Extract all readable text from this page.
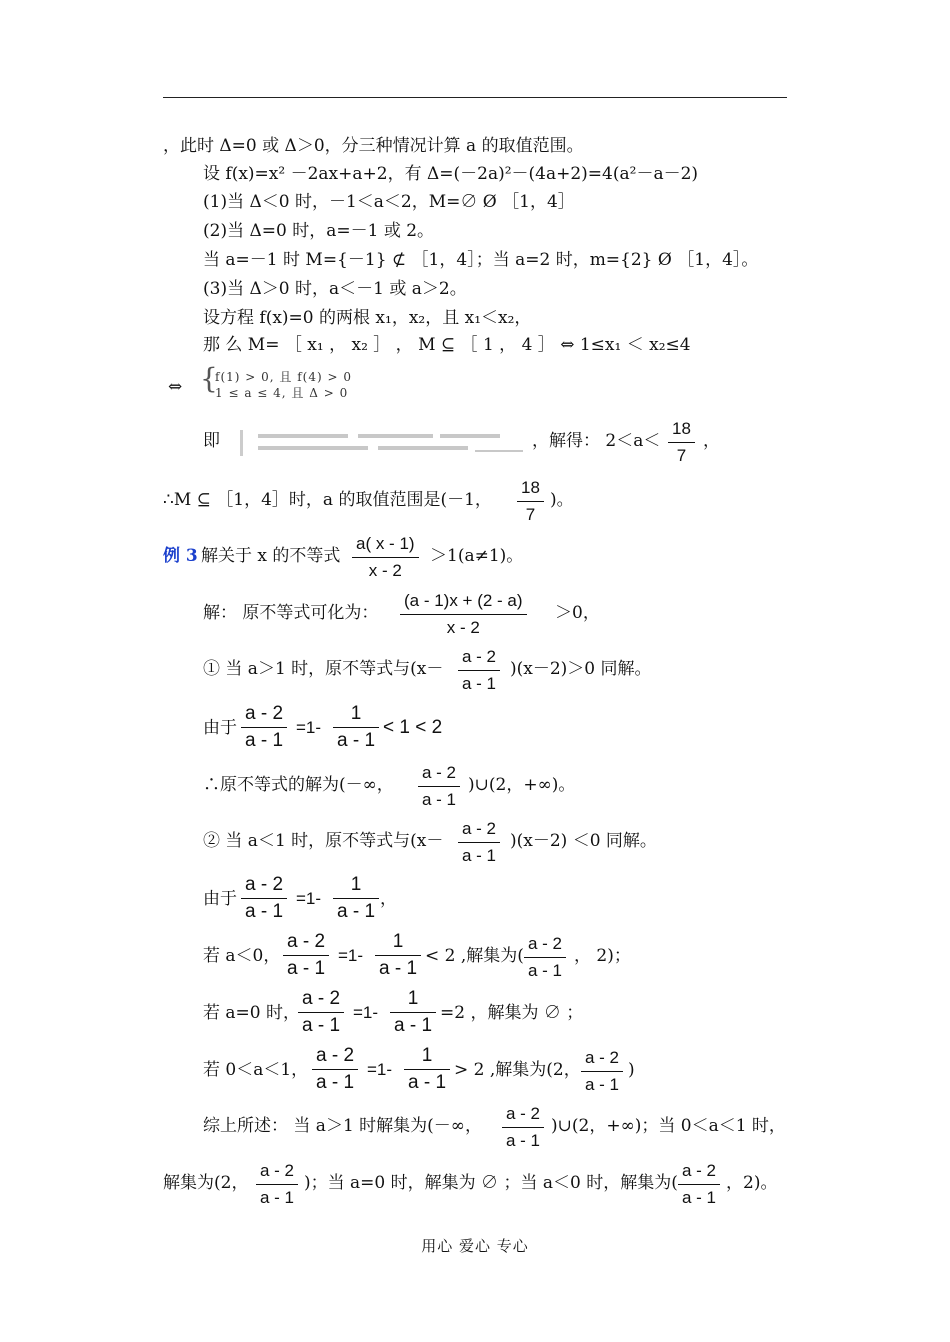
，此时 Δ=0 或 Δ＞0，分三种情况计算 a 的取值范围。
设 f(x)=x² －2ax+a+2，有 Δ=(－2a)²－(4a+2)=4(a²－a－2)
(1)当 Δ＜0 时，－1＜a＜2，M=∅ Ø ［1，4］
(2)当 Δ=0 时，a=－1 或 2。
当 a=－1 时 M={－1} ⊄ ［1，4］；当 a=2 时，m={2} Ø ［1，4］。
(3)当 Δ＞0 时，a＜－1 或 a＞2。
设方程 f(x)=0 的两根 x₁，x₂，且 x₁＜x₂，
那 么 M= ［ x₁ ， x₂ ］ ， M ⊆ ［ 1 ， 4 ］ ⇔ 1≤x₁ ＜ x₂≤4
⇔ {
f(1) > 0, 且 f(4) > 0
1 ≤ a ≤ 4, 且 Δ > 0
即	，解得： 2＜a＜
18
7
，
∴M ⊆ ［1，4］时，a 的取值范围是(－1，
18
7
)。
例 3 解关于 x 的不等式
a( x - 1)
x - 2
＞1(a≠1)。
解： 原不等式可化为：
(a - 1)x + (2 - a)
x - 2
＞0，
① 当 a＞1 时，原不等式与(x－
a - 2
a - 1
)(x－2)＞0 同解。
由于
a - 2
a - 1
=1-
1
a - 1
< 1 < 2
∴原不等式的解为(－∞，
a - 2
a - 1
)∪(2，+∞)。
② 当 a＜1 时，原不等式与(x－
a - 2
a - 1
)(x－2) ＜0 同解。
由于
a - 2
a - 1
=1-
1
a - 1
，
若 a＜0，
a - 2
a - 1
=1-
1
a - 1
< 2 ,解集为(
a - 2
a - 1
， 2)；
若 a=0 时，
a - 2
a - 1
=1-
1
a - 1
=2 ，解集为 ∅ ；
若 0＜a＜1，
a - 2
a - 1
=1-
1
a - 1
> 2 ,解集为(2，
a - 2
a - 1
)
综上所述： 当 a＞1 时解集为(－∞，
a - 2
a - 1
)∪(2，+∞)；当 0＜a＜1 时，
解集为(2，
a - 2
a - 1
)；当 a=0 时，解集为 ∅ ；当 a＜0 时，解集为(
a - 2
a - 1
，2)。
用心 爱心 专心
